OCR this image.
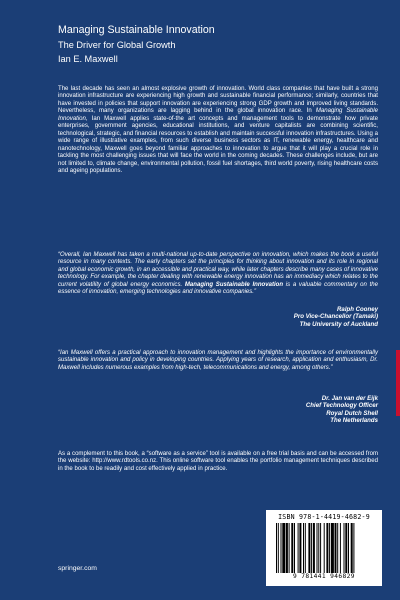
Managing Sustainable Innovation
The Driver for Global Growth
Ian E. Maxwell
The last decade has seen an almost explosive growth of innovation. World class companies that have built a strong innovation infrastructure are experiencing high growth and sustainable financial performance; similarly, countries that have invested in policies that support innovation are experiencing strong GDP growth and improved living standards. Nevertheless, many organizations are lagging behind in the global innovation race. In Managing Sustainable Innovation, Ian Maxwell applies state-of-the art concepts and management tools to demonstrate how private enterprises, government agencies, educational institutions, and venture capitalists are combining scientific, technological, strategic, and financial resources to establish and maintain successful innovation infrastructures. Using a wide range of illustrative examples, from such diverse business sectors as IT, renewable energy, healthcare and nanotechnology, Maxwell goes beyond familiar approaches to innovation to argue that it will play a crucial role in tackling the most challenging issues that will face the world in the coming decades. These challenges include, but are not limited to, climate change, environmental pollution, fossil fuel shortages, third world poverty, rising healthcare costs and ageing populations.
“Overall, Ian Maxwell has taken a multi-national up-to-date perspective on innovation, which makes the book a useful resource in many contexts. The early chapters set the principles for thinking about innovation and its role in regional and global economic growth, in an accessible and practical way, while later chapters describe many cases of innovative technology. For example, the chapter dealing with renewable energy innovation has an immediacy which relates to the current volatility of global energy economics. Managing Sustainable Innovation is a valuable commentary on the essence of innovation, emerging technologies and innovative companies.”
Ralph Cooney
Pro Vice-Chancellor (Tamaki)
The University of Auckland
“Ian Maxwell offers a practical approach to innovation management and highlights the importance of environmentally sustainable innovation and policy in developing countries. Applying years of research, application and enthusiasm, Dr. Maxwell includes numerous examples from high-tech, telecommunications and energy, among others.”
Dr. Jan van der Eijk
Chief Technology Officer
Royal Dutch Shell
The Netherlands
As a complement to this book, a “software as a service” tool is available on a free trial basis and can be accessed from the website: http://www.rdtools.co.nz. This online software tool enables the portfolio management techniques described in the book to be readily and cost effectively applied in practice.
ISBN 978-1-4419-4682-9
9 781441 946829
springer.com
